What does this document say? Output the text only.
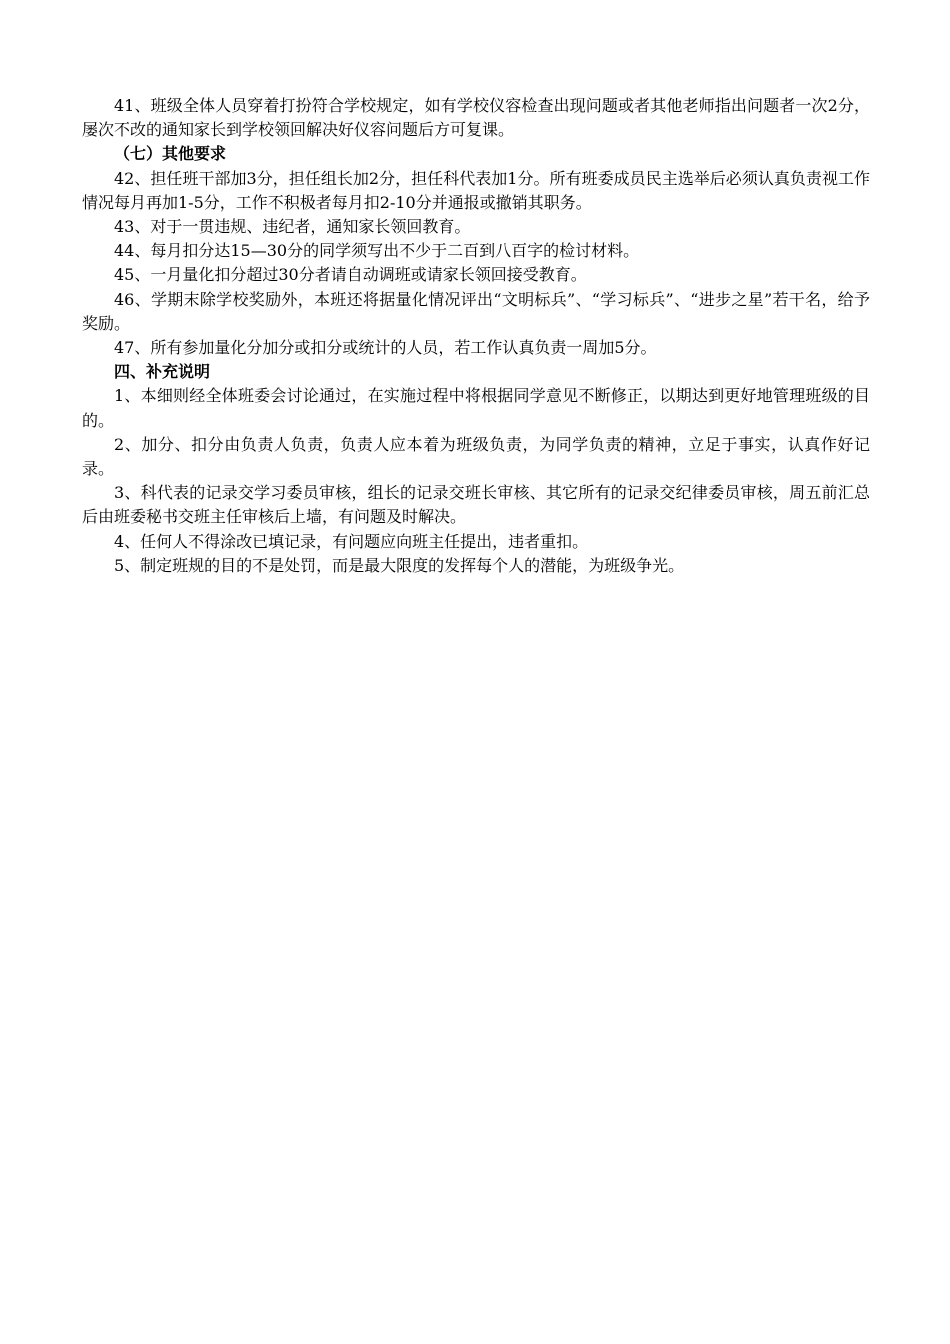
41、班级全体人员穿着打扮符合学校规定，如有学校仪容检查出现问题或者其他老师指出问题者一次2分，屡次不改的通知家长到学校领回解决好仪容问题后方可复课。

（七）其他要求

42、担任班干部加3分，担任组长加2分，担任科代表加1分。所有班委成员民主选举后必须认真负责视工作情况每月再加1-5分，工作不积极者每月扣2-10分并通报或撤销其职务。

43、对于一贯违规、违纪者，通知家长领回教育。

44、每月扣分达15—30分的同学须写出不少于二百到八百字的检讨材料。

45、一月量化扣分超过30分者请自动调班或请家长领回接受教育。

46、学期末除学校奖励外，本班还将据量化情况评出“文明标兵”、“学习标兵”、“进步之星”若干名，给予奖励。

47、所有参加量化分加分或扣分或统计的人员，若工作认真负责一周加5分。

四、补充说明

1、本细则经全体班委会讨论通过，在实施过程中将根据同学意见不断修正，以期达到更好地管理班级的目的。

2、加分、扣分由负责人负责，负责人应本着为班级负责，为同学负责的精神，立足于事实，认真作好记录。

3、科代表的记录交学习委员审核，组长的记录交班长审核、其它所有的记录交纪律委员审核，周五前汇总后由班委秘书交班主任审核后上墙，有问题及时解决。

4、任何人不得涂改已填记录，有问题应向班主任提出，违者重扣。

5、制定班规的目的不是处罚，而是最大限度的发挥每个人的潜能，为班级争光。
